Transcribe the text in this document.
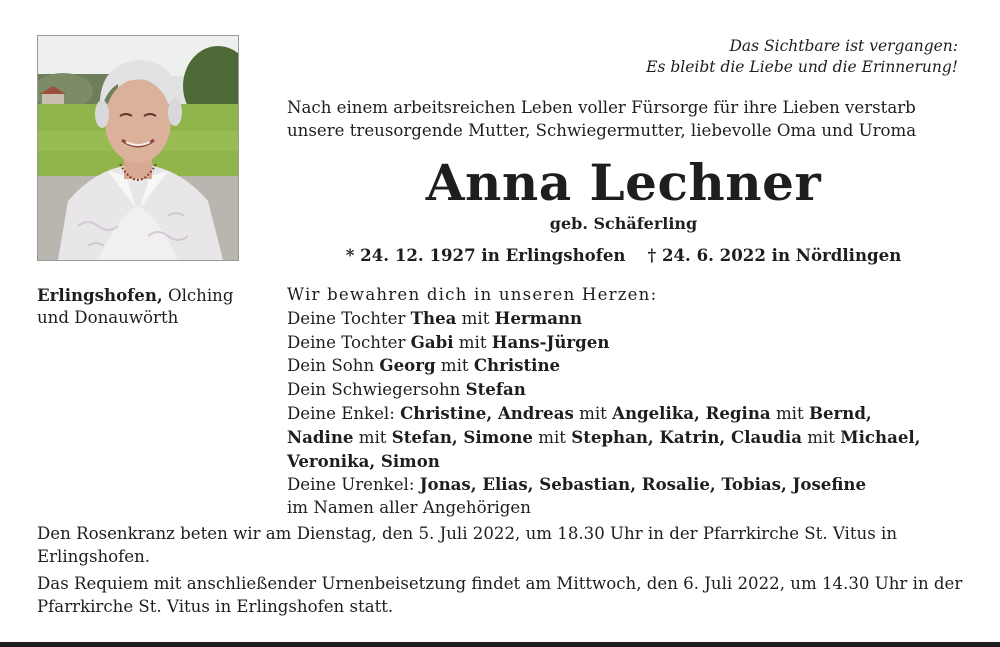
Das Sichtbare ist vergangen:
Es bleibt die Liebe und die Erinnerung!
Nach einem arbeitsreichen Leben voller Fürsorge für ihre Lieben verstarb
unsere treusorgende Mutter, Schwiegermutter, liebevolle Oma und Uroma
Anna Lechner
geb. Schäferling
* 24. 12. 1927 in Erlingshofen † 24. 6. 2022 in Nördlingen
Erlingshofen, Olching
und Donauwörth
Wir bewahren dich in unseren Herzen:
Deine Tochter Thea mit Hermann
Deine Tochter Gabi mit Hans-Jürgen
Dein Sohn Georg mit Christine
Dein Schwiegersohn Stefan
Deine Enkel: Christine, Andreas mit Angelika, Regina mit Bernd,
Nadine mit Stefan, Simone mit Stephan, Katrin, Claudia mit Michael,
Veronika, Simon
Deine Urenkel: Jonas, Elias, Sebastian, Rosalie, Tobias, Josefine
im Namen aller Angehörigen

Den Rosenkranz beten wir am Dienstag, den 5. Juli 2022, um 18.30 Uhr in der Pfarrkirche St. Vitus in Erlingshofen.

Das Requiem mit anschließender Urnenbeisetzung findet am Mittwoch, den 6. Juli 2022, um 14.30 Uhr in der Pfarrkirche St. Vitus in Erlingshofen statt.
